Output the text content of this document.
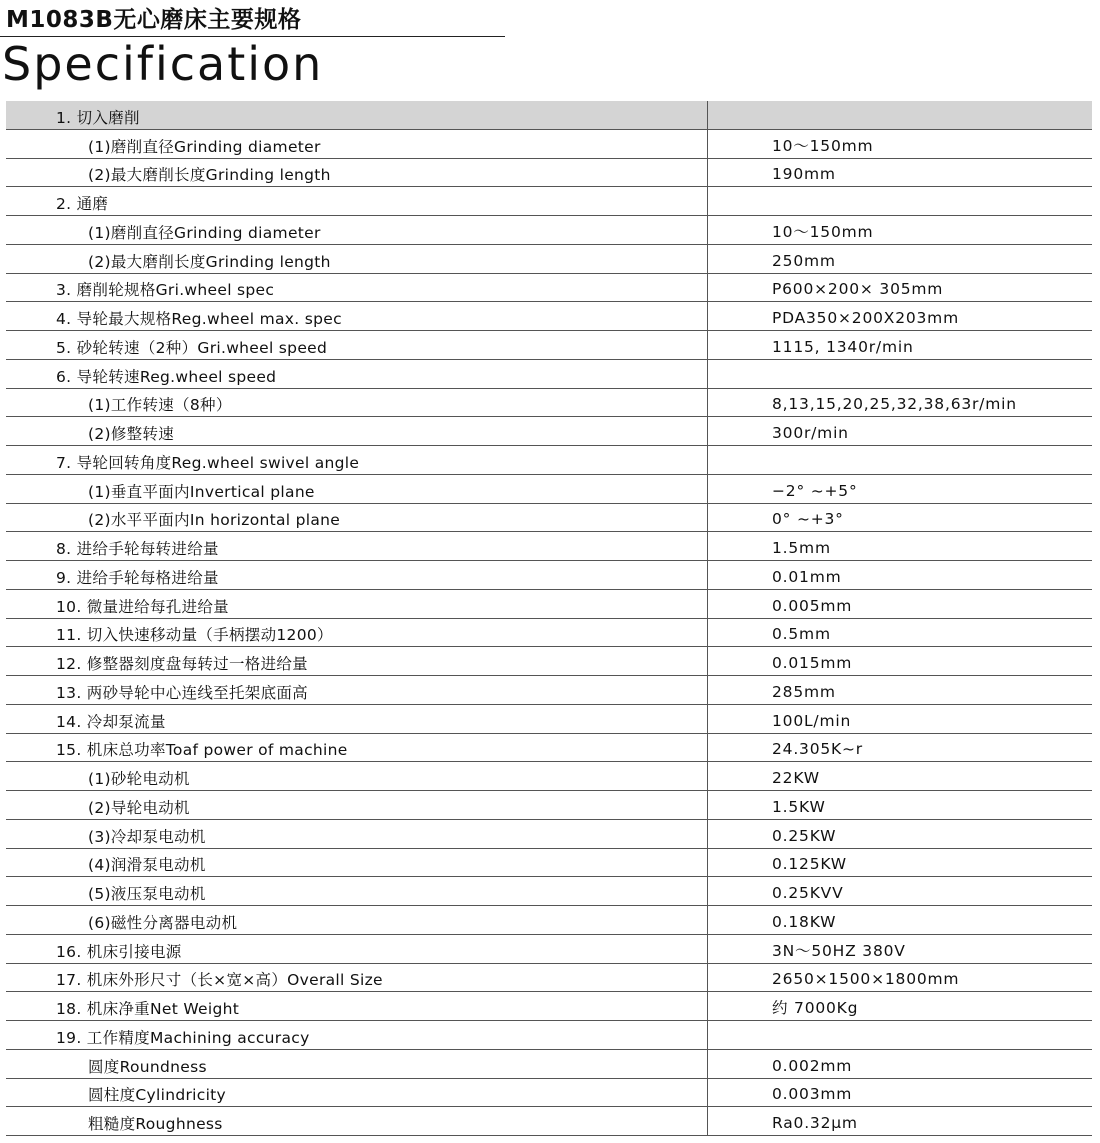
M1083B无心磨床主要规格
Specification
1. 切入磨削
(1)磨削直径Grinding diameter	10～150mm
(2)最大磨削长度Grinding length	190mm
2. 通磨
(1)磨削直径Grinding diameter	10～150mm
(2)最大磨削长度Grinding length	250mm
3. 磨削轮规格Gri.wheel spec	P600×200× 305mm
4. 导轮最大规格Reg.wheel max. spec	PDA350×200X203mm
5. 砂轮转速（2种）Gri.wheel speed	1115, 1340r/min
6. 导轮转速Reg.wheel speed
(1)工作转速（8种）	8,13,15,20,25,32,38,63r/min
(2)修整转速	300r/min
7. 导轮回转角度Reg.wheel swivel angle
(1)垂直平面内Invertical plane	−2° ~+5°
(2)水平平面内In horizontal plane	0° ~+3°
8. 进给手轮每转进给量	1.5mm
9. 进给手轮每格进给量	0.01mm
10. 微量进给每孔进给量	0.005mm
11. 切入快速移动量（手柄摆动1200）	0.5mm
12. 修整器刻度盘每转过一格进给量	0.015mm
13. 两砂导轮中心连线至托架底面高	285mm
14. 冷却泵流量	100L/min
15. 机床总功率Toaf power of machine	24.305K~r
(1)砂轮电动机	22KW
(2)导轮电动机	1.5KW
(3)冷却泵电动机	0.25KW
(4)润滑泵电动机	0.125KW
(5)液压泵电动机	0.25KVV
(6)磁性分离器电动机	0.18KW
16. 机床引接电源	3N～50HZ 380V
17. 机床外形尺寸（长×宽×高）Overall Size	2650×1500×1800mm
18. 机床净重Net Weight	约 7000Kg
19. 工作精度Machining accuracy
圆度Roundness	0.002mm
圆柱度Cylindricity	0.003mm
粗糙度Roughness	Ra0.32μm
